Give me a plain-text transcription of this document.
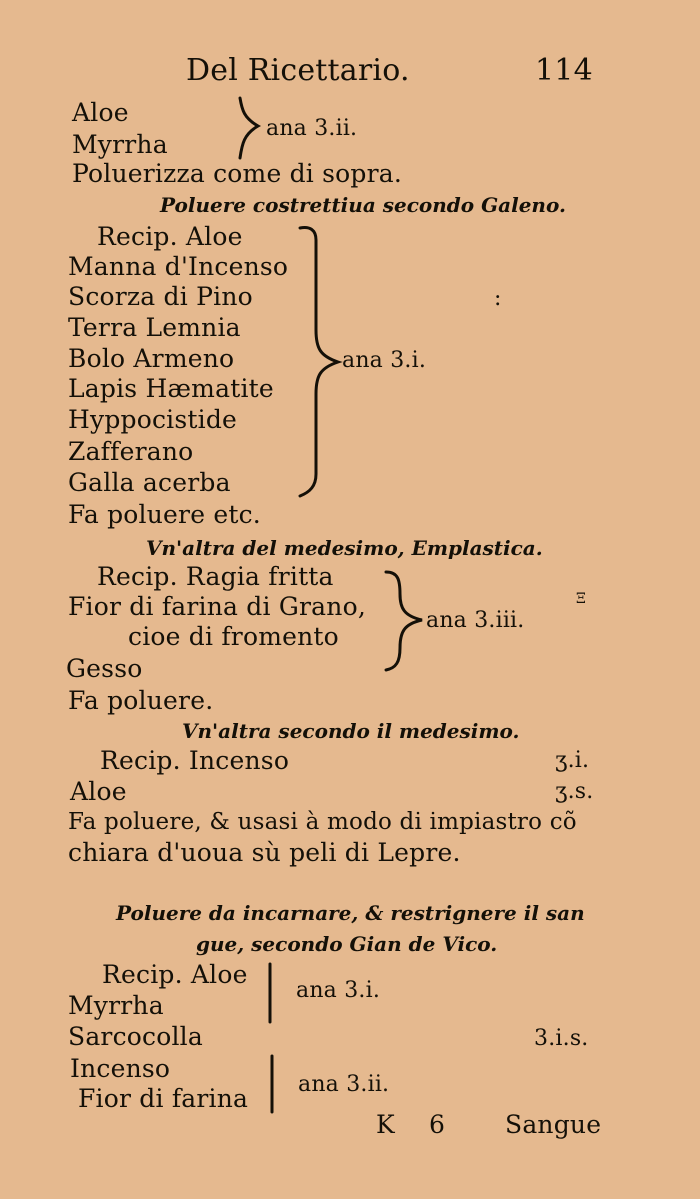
Del Ricettario.	114
Aloe
Myrrha
ana 3.ii.
Poluerizza come di sopra.
Poluere costrettiua secondo Galeno.
Recip. Aloe
Manna d'Incenso
Scorza di Pino
Terra Lemnia
Bolo Armeno
Lapis Hæmatite
Hyppocistide
Zafferano
Galla acerba
ana 3.i.
Fa poluere etc.
:
Vn'altra del medesimo, Emplastica.
Recip. Ragia fritta
Fior di farina di Grano,
cioe di fromento
Gesso
ana 3.iii.
Fa poluere.
Ξ
Vn'altra secondo il medesimo.
Recip. Incenso	ʒ.i.
Aloe	ʒ.s.
Fa poluere, & usasi à modo di impiastro cõ
chiara d'uoua sù peli di Lepre.
Poluere da incarnare, & restrignere il san
gue, secondo Gian de Vico.
Recip. Aloe
Myrrha
ana 3.i.
Sarcocolla	3.i.s.
Incenso
Fior di farina ana 3.ii.
K 6 Sangue
